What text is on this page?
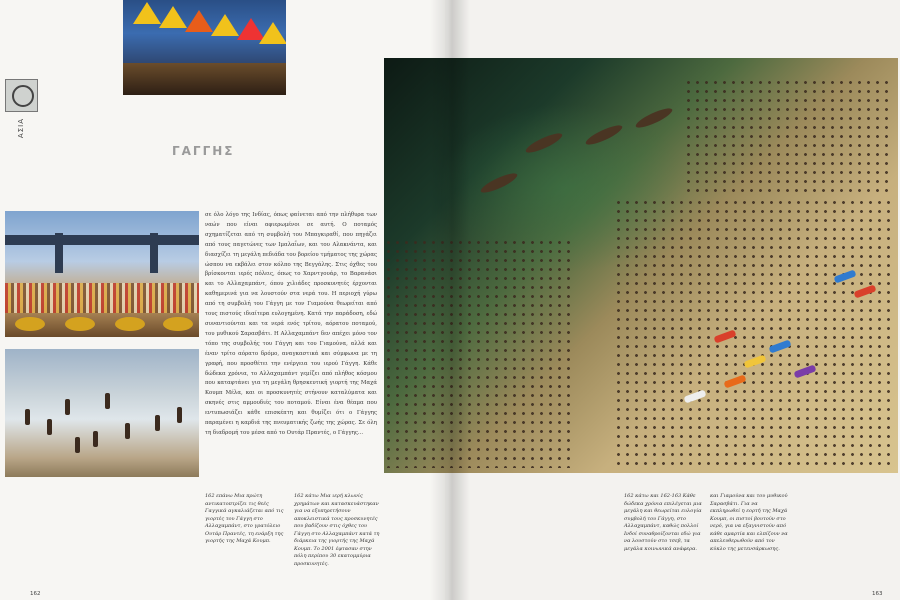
ΑΣΙΑ
ΓΑΓΓΗΣ

σε όλο λόγο της Ινδίας, όπως φαίνεται από την πλήθυρα των ναών που είναι αφιερωμένοι σε αυτή. Ο ποταμός σχηματίζεται από τη συμβολή του Μπαγκιραθί, που πηγάζει από τους παγετώνες των Ιμαλαΐων, και του Αλακνάντα, και διασχίζει τη μεγάλη πεδιάδα του βορείου τμήματος της χώρας ώσπου να εκβάλει στον κόλπο της Βεγγάλης. Στις όχθες του βρίσκονται ιερές πόλεις, όπως το Χαρντγουάρ, το Βαρανάσι και το Αλλαχαμπάντ, όπου χιλιάδες προσκυνητές έρχονται καθημερινά για να λουστούν στα νερά του. Η περιοχή γύρω από τη συμβολή του Γάγγη με τον Γιαμούνα θεωρείται από τους πιστούς ιδιαίτερα ευλογημένη. Κατά την παράδοση, εδώ συναντιούνται και τα νερά ενός τρίτου, αόρατου ποταμού, του μυθικού Σαρασβάτι. Η Αλλαχαμπάντ δεν απέχει μόνο τον τόπο της συμβολής του Γάγγη και του Γιαμούνα, αλλά και έναν τρίτο αόρατο δρόμο, αναγκαστικά και σύμφωνα με τη γραφή, που προσθέτει την ενέργεια του ιερού Γάγγη. Κάθε δώδεκα χρόνια, το Αλλαχαμπάντ γεμίζει από πλήθος κόσμου που καταφτάνει για τη μεγάλη θρησκευτική γιορτή της Μαχά Κουμπ Μέλα, και οι προσκυνητές στήνουν καταλύματα και σκηνές στις αμμουδιές του ποταμού. Είναι ένα θέαμα που εντυπωσιάζει κάθε επισκέπτη και θυμίζει ότι ο Γάγγης παραμένει η καρδιά της πνευματικής ζωής της χώρας. Σε όλη τη διαδρομή του μέσα από το Ουτάρ Πραντές, ο Γάγγης...

162 επάνω Μια πρώτη αντικατοπτρίζει τις θεές Γαγγικά αγκαλιάζεται από τις γιορτές του Γάγγη στο Αλλαχαμπάντ, στο γρατόλειο Ουτάρ Πραντές, τη ενάρξη της γιορτής της Μαχά Κουμπ.
162 κάτω Μια ιερή κλωνίς χρημάτων και κατασκευάστηκαν για να εξυπηρετήσουν αποκλειστικά τους προσκυνητές που βαδίζουν στις όχθες του Γάγγη στο Αλλαχαμπάντ κατά τη διάρκεια της γιορτής της Μαχά Κουμπ. Το 2001 έφτασαν στην πόλη περίπου 30 εκατομμύρια προσκυνητές.
162
162 κάτω και 162-163 Κάθε δώδεκα χρόνια επιλέγεται μια μεγάλη και θεωρείται ευλογία συμβολή του Γάγγη, στο Αλλαχαμπάντ, καθώς πολλοί Ινδοί συναθροίζονται εδώ για να λουστούν στο τσεβ, τα μεγάλα κοινωνικά ανάφερα.
και Γιαμούνα και του μυθικού Σαρασβάτι. Για να εκπληρωθεί η εορτή της Μαχά Κουμπ, οι πιστοί βουτούν στο νερό, για να εξαγνιστούν από κάθε αμαρτία και ελπίζουν να απελευθερωθούν από τον κύκλο της μετενσάρκωσης.
163
